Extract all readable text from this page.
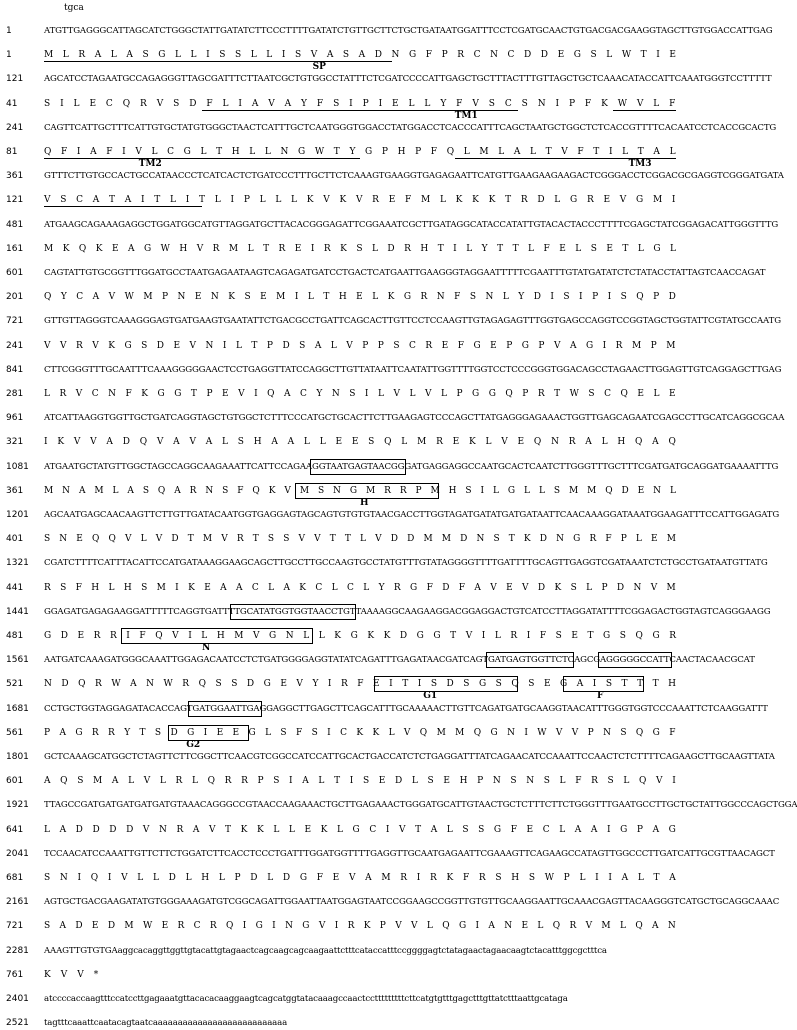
tgca
1	ATGTTGAGGGCATTAGCATCTGGGCTATTGATATCTTCCCTTTTGATATCTGTTGCTTCTGCTGATAATGGATTTCCTCGATGCAACTGTGACGACGAAGGTAGCTTGTGGACCATTGAG
1	M L R A L A S G L L I S S L L I S V A S A D N G F P R C N C D D E G S L W T I E
121 AGCATCCTAGAATGCCAGAGGGTTAGCGATTTCTTAATCGCTGTGGCCTATTTCTCGATCCCCATTGAGCTGCTTTACTTTGTTAGCTGCTCAAACATACCATTCAAATGGGTCCTTTTT
41	S I L E C Q R V S D F L I A V A Y F S I P I E L L Y F V S C S N I P F K W V L F
241 CAGTTCATTGCTTTCATTGTGCTATGTGGGCTAACTCATTTGCTCAATGGGTGGACCTATGGACCTCACCCATTTCAGCTAATGCTGGCTCTCACCGTTTTCACAATCCTCACCGCACTG
81	Q F I A F I V L C G L T H L L N G W T Y G P H P F Q L M L A L T V F T I L T A L
361 GTTTCTTGTGCCACTGCCATAACCCTCATCACTCTGATCCCTTTGCTTCTCAAAGTGAAGGTGAGAGAATTCATGTTGAAGAAGAAGACTCGGGACCTCGGACGCGAGGTCGGGATGATA
121 V S C A T A I T L I T L I P L L L K V K V R E F M L K K K T R D L G R E V G M I
481 ATGAAGCAGAAAGAGGCTGGATGGCATGTTAGGATGCTTACACGGGAGATTCGGAAATCGCTTGATAGGCATACCATATTGTACACTACCCTTTTCGAGCTATCGGAGACATTGGGTTTG
161 M K Q K E A G W H V R M L T R E I R K S L D R H T I L Y T T L F E L S E T L G L
601 CAGTATTGTGCGGTTTGGATGCCTAATGAGAATAAGTCAGAGATGATCCTGACTCATGAATTGAAGGGTAGGAATTTTTCGAATTTGTATGATATCTCTATACCTATTAGTCAACCAGAT
201 Q Y C A V W M P N E N K S E M I L T H E L K G R N F S N L Y D I S I P I S Q P D
721 GTTGTTAGGGTCAAAGGGAGTGATGAAGTGAATATTCTGACGCCTGATTCAGCACTTGTTCCTCCAAGTTGTAGAGAGTTTGGTGAGCCAGGTCCGGTAGCTGGTATTCGTATGCCAATG
241 V V R V K G S D E V N I L T P D S A L V P P S C R E F G E P G P V A G I R M P M
841 CTTCGGGTTTGCAATTTCAAAGGGGGAACTCCTGAGGTTATCCAGGCTTGTTATAATTCAATATTGGTTTTGGTCCTCCCGGGTGGACAGCCTAGAACTTGGAGTTGTCAGGAGCTTGAG
281 L R V C N F K G G T P E V I Q A C Y N S I L V L V L P G G Q P R T W S C Q E L E
961 ATCATTAAGGTGGTTGCTGATCAGGTAGCTGTGGCTCTTTCCCATGCTGCACTTCTTGAAGAGTCCCAGCTTATGAGGGAGAAACTGGTTGAGCAGAATCGAGCCTTGCATCAGGCGCAA
321 I K V V A D Q V A V A L S H A A L L E E S Q L M R E K L V E Q N R A L H Q A Q
1081 ATGAATGCTATGTTGGCTAGCCAGGCAAGAAATTCATTCCAGAAGGTAATGAGTAACGGGATGAGGAGGCCAATGCACTCAATCTTGGGTTTGCTTTCGATGATGCAGGATGAAAATTTG
361 M N A M L A S Q A R N S F Q K V M S N G M R R P M H S I L G L L S M M Q D E N L
1201 AGCAATGAGCAACAAGTTCTTGTTGATACAATGGTGAGGAGTAGCAGTGTGTGTAACGACCTTGGTAGATGATATGATGATAATTCAACAAAGGATAAATGGAAGATTTCCATTGGAGATG
401 S N E Q Q V L V D T M V R T S S V V T T L V D D M M D N S T K D N G R F P L E M
1321 CGATCTTTTCATTTACATTCCATGATAAAGGAAGCAGCTTGCCTTGCCAAGTGCCTATGTTTGTATAGGGGTTTTGATTTTGCAGTTGAGGTCGATAAATCTCTGCCTGATAATGTTATG
441 R S F H L H S M I K E A A C L A K C L C L Y R G F D F A V E V D K S L P D N V M
1441 GGAGATGAGAGAAGGATTTTTCAGGTGATTTTGCATATGGTGGTAACCTGTTAAAAGGCAAGAAGGACGGAGGACTGTCATCCTTAGGATATTTTCGGAGACTGGTAGTCAGGGAAGG
481 G D E R R I F Q V I L H M V G N L L K G K K D G G T V I L R I F S E T G S Q G R
1561 AATGATCAAAGATGGGCAAATTGGAGACAATCCTCTGATGGGGAGGTATATCAGATTTGAGATAACGATCAGTGATGAGTGGTTCTCAGCGAGGGGGCCATTCAACTACAACGCAT
521 N D Q R W A N W R Q S S D G E V Y I R F E I T I S D S G S Q S E G A I S T T T H
1681 CCTGCTGGTAGGAGATACACCAGTGATGGAATTGAGGAGGCTTGAGCTTCAGCATTTGCAAAAACTTGTTCAGATGATGCAAGGTAACATTTGGGTGGTCCCAAATTCTCAAGGATTT
561 P A G R R Y T S D G I E E G L S F S I C K K L V Q M M Q G N I W V V P N S Q G F
1801 GCTCAAAGCATGGCTCTAGTTCTTCGGCTTCAACGTCGGCCATCCATTGCACTGACCATCTCTGAGGATTTATCAGAACATCCAAATTCCAACTCTCTTTTCAGAAGCTTGCAAGTTATA
601 A Q S M A L V L R L Q R R P S I A L T I S E D L S E H P N S N S L F R S L Q V I
1921 TTAGCCGATGATGATGATGATGTAAACAGGGCCGTAACCAAGAAACTGCTTGAGAAACTGGGATGCATTGTAACTGCTCTTTCTTCTGGGTTTGAATGCCTTGCTGCTATTGGCCCAGCTGGA
641 L A D D D D V N R A V T K K L L E K L G C I V T A L S S G F E C L A A I G P A G
2041 TCCAACATCCAAATTGTTCTTCTGGATCTTCACCTCCCTGATTTGGATGGTTTTGAGGTTGCAATGAGAATTCGAAAGTTCAGAAGCCATAGTTGGCCCTTGATCATTGCGTTAACAGCT
681 S N I Q I V L L D L H L P D L D G F E V A M R I R K F R S H S W P L I I A L T A
2161 AGTGCTGACGAAGATATGTGGGAAAGATGTCGGCAGATTGGAATTAATGGAGTAATCCGGAAGCCGGTTGTGTTGCAAGGAATTGCAAACGAGTTACAAGGGTCATGCTGCAGGCAAAC
721 S A D E D M W E R C R Q I G I N G V I R K P V V L Q G I A N E L Q R V M L Q A N
2281 AAAGTTGTGTGAaggcacaggttggttgtacattgtagaactcagcaagcagcaagaattctttcataccatttccggggagtctatagaactagaacaagtctacatttggcgctttca
761 K V V *
2401 atccccaccaagtttccatccttgagaaatgttacacacaaggaagtcagcatggtatacaaagccaactcctttttttttcttcatgtgtttgagctttgttatctttaattgcataga
2521 tagtttcaaattcaatacagtaatcaaaaaaaaaaaaaaaaaaaaaaaaaaa
SP
TM1
TM2	TM3
H
N
G1	F
G2
